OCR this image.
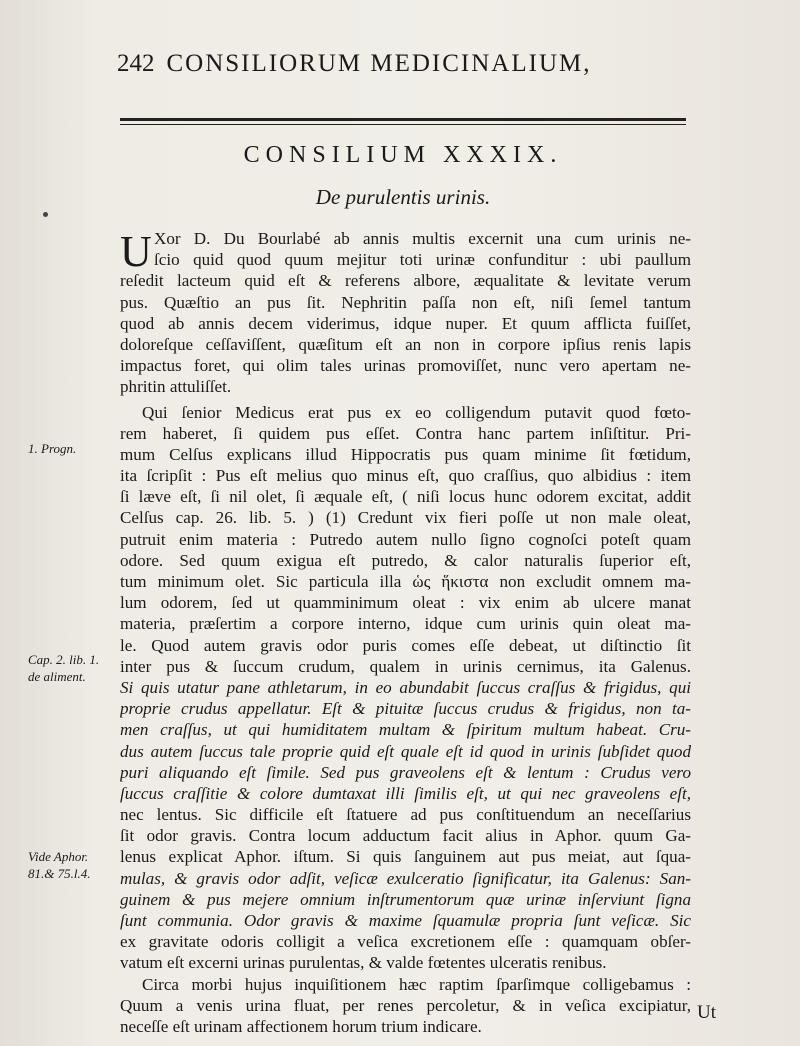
242 CONSILIORUM MEDICINALIUM,
CONSILIUM XXXIX.
De purulentis urinis.
U Xor D. Du Bourlabé ab annis multis excernit una cum urinis ne-
ſcio quid quod quum mejitur toti urinæ confunditur : ubi paullum
reſedit lacteum quid eſt & referens albore, æqualitate & levitate verum
pus. Quæſtio an pus ſit. Nephritin paſſa non eſt, niſi ſemel tantum
quod ab annis decem viderimus, idque nuper. Et quum afflicta fuiſſet,
doloreſque ceſſaviſſent, quæſitum eſt an non in corpore ipſius renis lapis
impactus foret, qui olim tales urinas promoviſſet, nunc vero apertam ne-
phritin attuliſſet.
Qui ſenior Medicus erat pus ex eo colligendum putavit quod fœto-
rem haberet, ſi quidem pus eſſet. Contra hanc partem inſiſtitur. Pri-
mum Celſus explicans illud Hippocratis pus quam minime ſit fœtidum,
ita ſcripſit : Pus eſt melius quo minus eſt, quo craſſius, quo albidius : item
ſi læve eſt, ſi nil olet, ſi æquale eſt, ( niſi locus hunc odorem excitat, addit
Celſus cap. 26. lib. 5. ) (1) Credunt vix fieri poſſe ut non male oleat,
putruit enim materia : Putredo autem nullo ſigno cognoſci poteſt quam
odore. Sed quum exigua eſt putredo, & calor naturalis ſuperior eſt,
tum minimum olet. Sic particula illa ὡς ἥκιστα non excludit omnem ma-
lum odorem, ſed ut quamminimum oleat : vix enim ab ulcere manat
materia, præſertim a corpore interno, idque cum urinis quin oleat ma-
le. Quod autem gravis odor puris comes eſſe debeat, ut diſtinctio ſit
inter pus & ſuccum crudum, qualem in urinis cernimus, ita Galenus.
Si quis utatur pane athletarum, in eo abundabit ſuccus craſſus & frigidus, qui
proprie crudus appellatur. Eſt & pituitæ ſuccus crudus & frigidus, non ta-
men craſſus, ut qui humiditatem multam & ſpiritum multum habeat. Cru-
dus autem ſuccus tale proprie quid eſt quale eſt id quod in urinis ſubſidet quod
puri aliquando eſt ſimile. Sed pus graveolens eſt & lentum : Crudus vero
ſuccus craſſitie & colore dumtaxat illi ſimilis eſt, ut qui nec graveolens eſt,
nec lentus. Sic difficile eſt ſtatuere ad pus conſtituendum an neceſſarius
ſit odor gravis. Contra locum adductum facit alius in Aphor. quum Ga-
lenus explicat Aphor. iſtum. Si quis ſanguinem aut pus meiat, aut ſqua-
mulas, & gravis odor adſit, veſicæ exulceratio ſignificatur, ita Galenus: San-
guinem & pus mejere omnium inſtrumentorum quæ urinæ inſerviunt ſigna
ſunt communia. Odor gravis & maxime ſquamulæ propria ſunt veſicæ. Sic
ex gravitate odoris colligit a veſica excretionem eſſe : quamquam obſer-
vatum eſt excerni urinas purulentas, & valde fœtentes ulceratis renibus.
Circa morbi hujus inquiſitionem hæc raptim ſparſimque colligebamus :
Quum a venis urina fluat, per renes percoletur, & in veſica excipiatur,
neceſſe eſt urinam affectionem horum trium indicare.
1. Progn.
Cap. 2. lib. 1.
de aliment.
Vide Aphor.
81.& 75.l.4.
Ut
